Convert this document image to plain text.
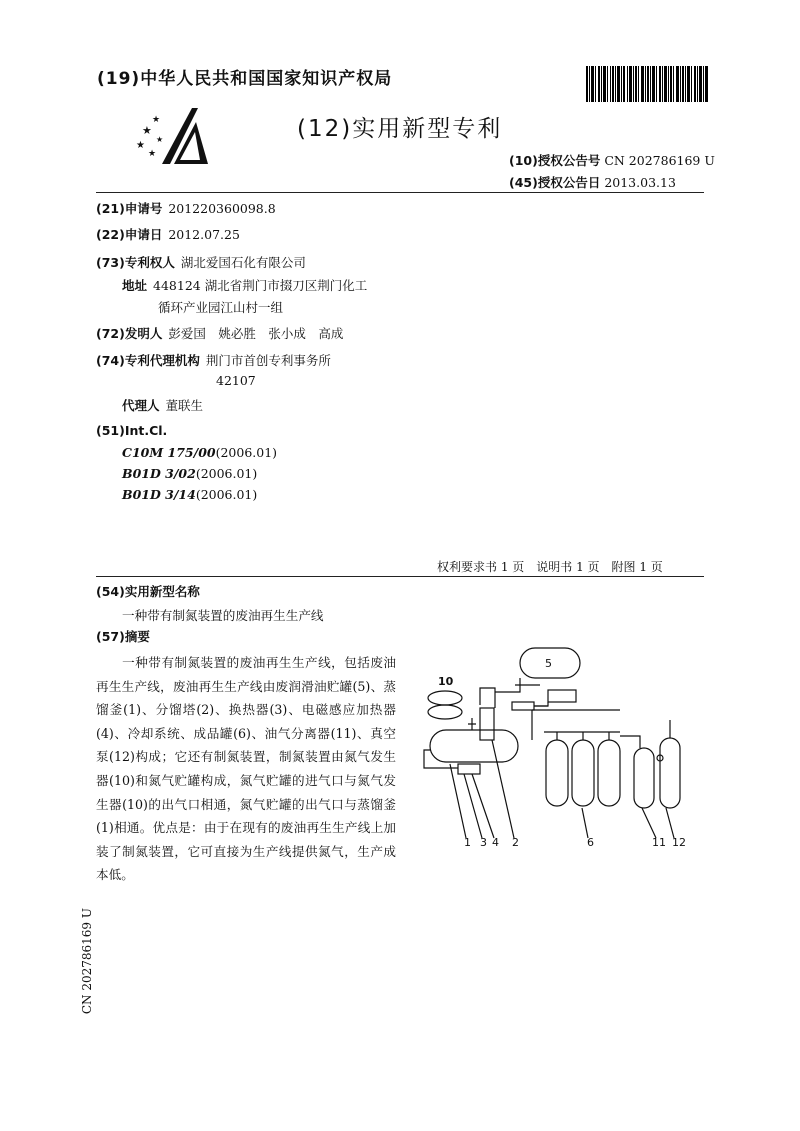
(19)中华人民共和国国家知识产权局
★
★
★
★
★	(12)实用新型专利
(10)授权公告号 CN 202786169 U
(45)授权公告日 2013.03.13
(21)申请号 201220360098.8
(22)申请日 2012.07.25
(73)专利权人 湖北爱国石化有限公司
地址 448124 湖北省荆门市掇刀区荆门化工
循环产业园江山村一组
(72)发明人 彭爱国　姚必胜　张小成　高成
(74)专利代理机构 荆门市首创专利事务所
42107
代理人 董联生
(51)Int.Cl.
C10M 175/00(2006.01)
B01D 3/02(2006.01)
B01D 3/14(2006.01)
权利要求书 1 页　说明书 1 页　附图 1 页
(54)实用新型名称
一种带有制氮装置的废油再生生产线
(57)摘要
　　一种带有制氮装置的废油再生生产线，包括废油再生生产线，废油再生生产线由废润滑油贮罐(5)、蒸馏釜(1)、分馏塔(2)、换热器(3)、电磁感应加热器(4)、冷却系统、成品罐(6)、油气分离器(11)、真空泵(12)构成；它还有制氮装置，制氮装置由氮气发生器(10)和氮气贮罐构成，氮气贮罐的进气口与氮气发生器(10)的出气口相通，氮气贮罐的出气口与蒸馏釜(1)相通。优点是：由于在现有的废油再生生产线上加装了制氮装置，它可直接为生产线提供氮气，生产成本低。
5
10
1 3 4 2	6	11 12
CN 202786169 U
